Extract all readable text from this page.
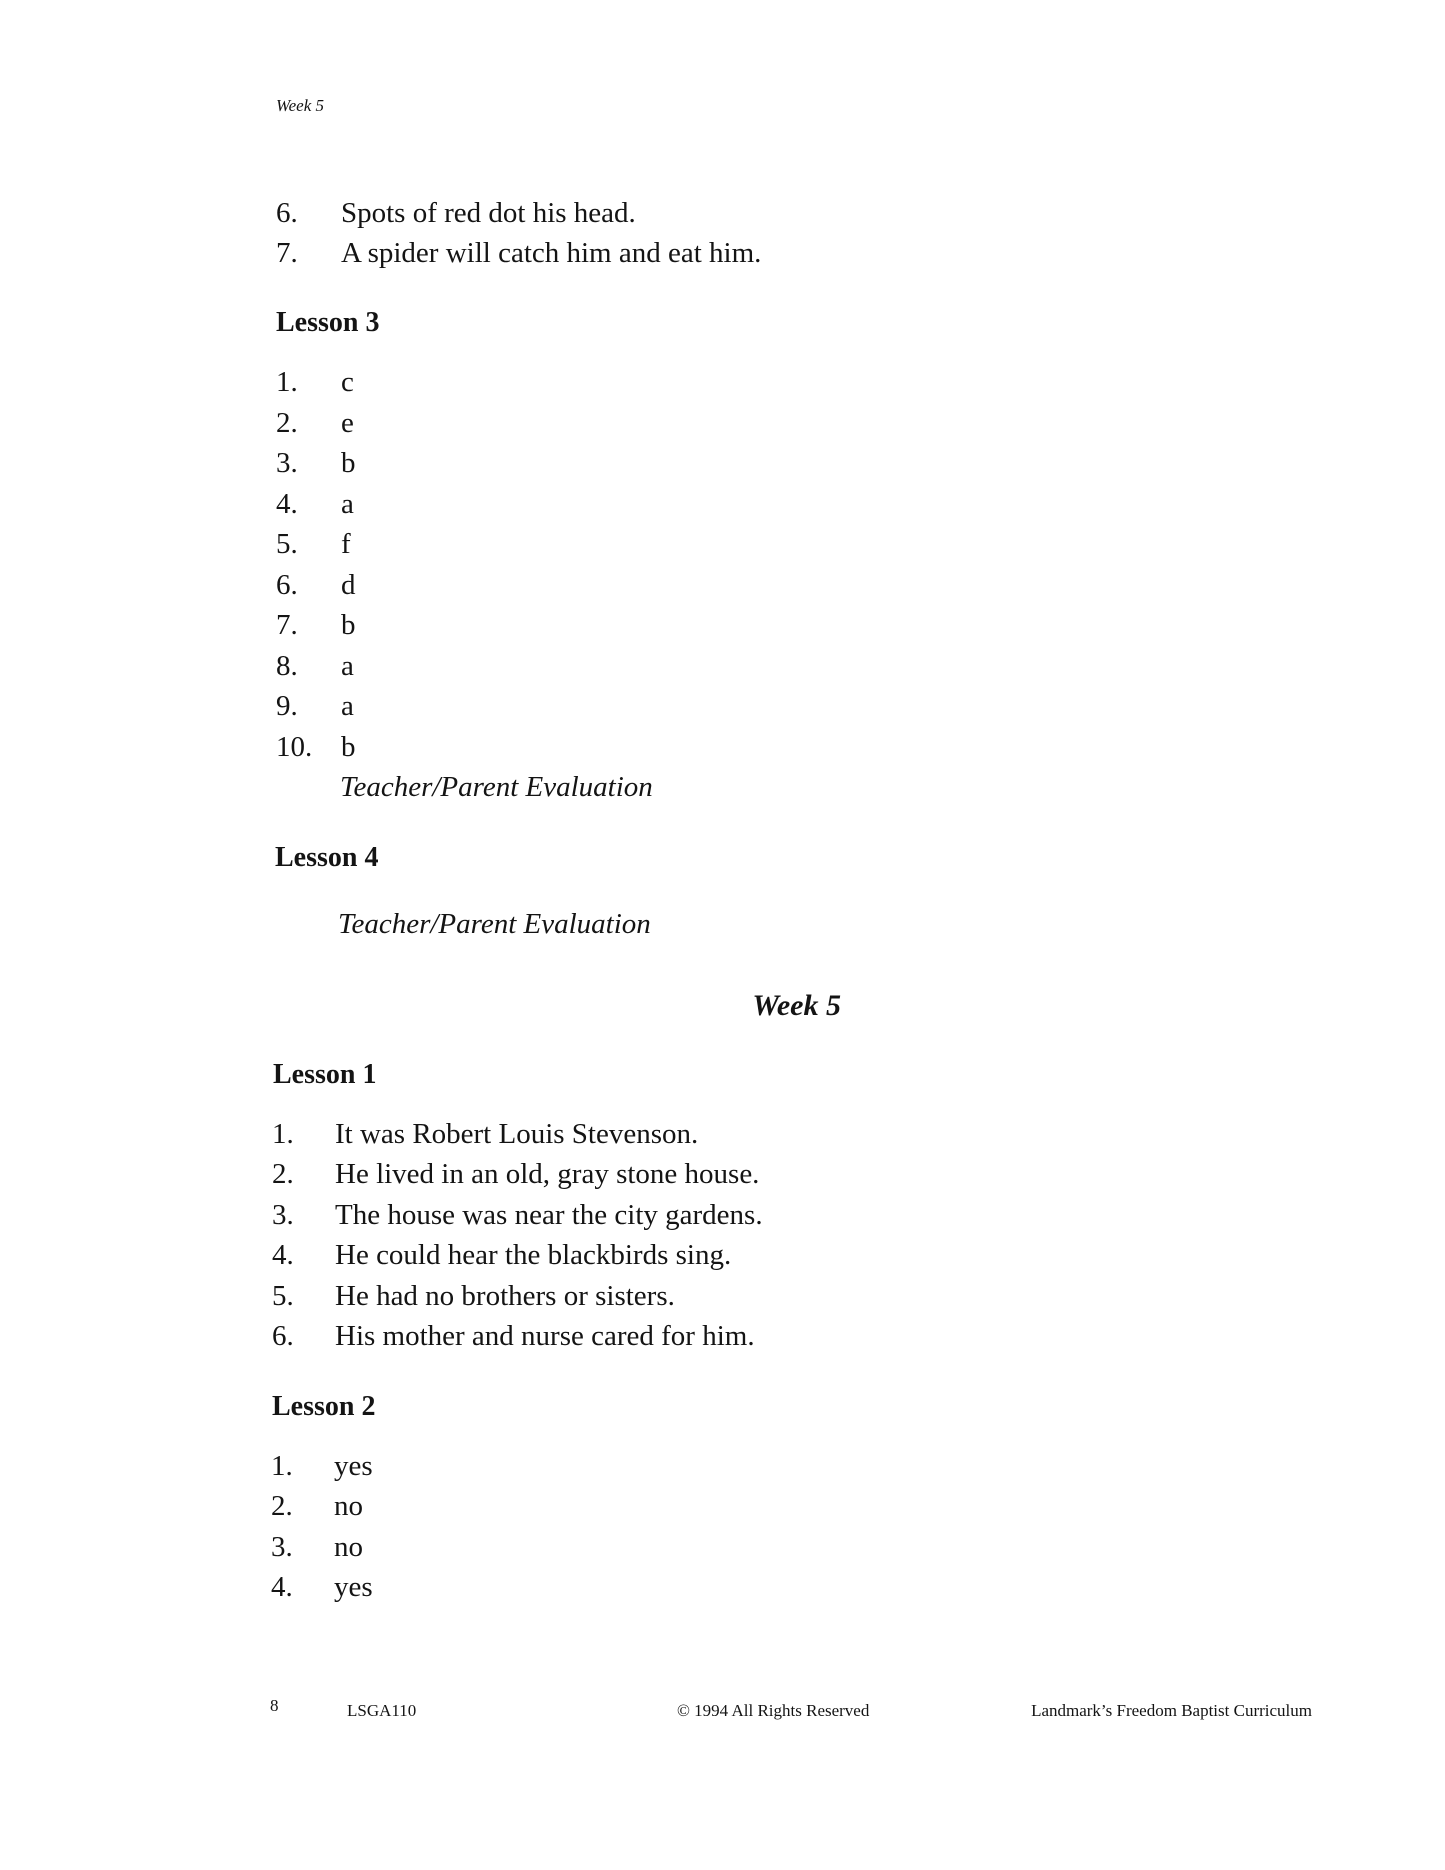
Week 5
6. Spots of red dot his head.
7. A spider will catch him and eat him.
Lesson 3
1. c
2. e
3. b
4. a
5. f
6. d
7. b
8. a
9. a
10. b
Teacher/Parent Evaluation
Lesson 4
Teacher/Parent Evaluation
Week 5
Lesson 1
1. It was Robert Louis Stevenson.
2. He lived in an old, gray stone house.
3. The house was near the city gardens.
4. He could hear the blackbirds sing.
5. He had no brothers or sisters.
6. His mother and nurse cared for him.
Lesson 2
1. yes
2. no
3. no
4. yes
8	LSGA110	© 1994 All Rights Reserved	Landmark’s Freedom Baptist Curriculum
